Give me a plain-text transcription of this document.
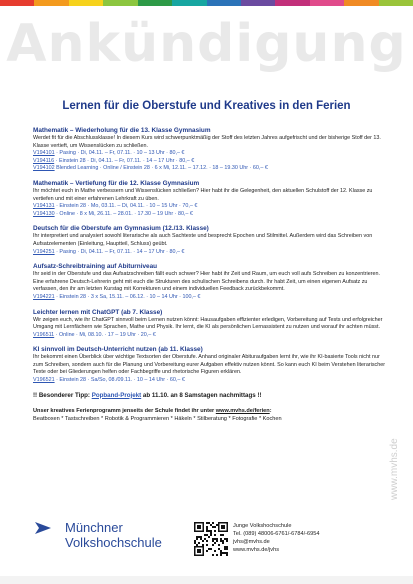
Ankündigung
Lernen für die Oberstufe und Kreatives in den Ferien
www.mvhs.de
Mathematik – Wiederholung für die 13. Klasse Gymnasium
Werdet fit für die Abschlussklasse! In diesem Kurs wird schwerpunktmäßig der Stoff des letzten Jahres aufgefrischt und der bisherige Stoff der 13. Klasse vertieft, um Wissenslücken zu schließen.
V194101 · Pasing · Di, 04.11. – Fr, 07.11. · 10 – 13 Uhr · 80,– €
V194116 · Einstein 28 · Di, 04.11. – Fr, 07.11. · 14 – 17 Uhr · 80,– €
V194102 Blended Learning · Online / Einstein 28 · 6 x Mi, 12.11. – 17.12. · 18 – 19.30 Uhr · 60,– €
Mathematik – Vertiefung für die 12. Klasse Gymnasium
Ihr möchtet euch in Mathe verbessern und Wissenslücken schließen? Hier habt ihr die Gelegenheit, den aktuellen Schulstoff der 12. Klasse zu vertiefen und mit einer erfahrenen Lehrkraft zu üben.
V194131 · Einstein 28 · Mo, 03.11. – Di, 04.11. · 10 – 15 Uhr · 70,– €
V194130 · Online · 8 x Mi, 26.11. – 28.01. · 17.30 – 19 Uhr · 80,– €
Deutsch für die Oberstufe am Gymnasium (12./13. Klasse)
Ihr interpretiert und analysiert sowohl literarische als auch Sachtexte und besprecht Epochen und Stilmittel. Außerdem wird das Schreiben von Aufsatzelementen (Einleitung, Hauptteil, Schluss) geübt.
V194251 · Pasing · Di, 04.11. – Fr, 07.11. · 14 – 17 Uhr · 80,– €
Aufsatz-Schreibtraining auf Abiturniveau
Ihr seid in der Oberstufe und das Aufsatzschreiben fällt euch schwer? Hier habt ihr Zeit und Raum, um euch voll aufs Schreiben zu konzentrieren. Eine erfahrene Deutsch-Lehrerin geht mit euch die Strukturen des schulischen Schreibens durch. Ihr habt Zeit, um einen eigenen Aufsatz zu verfassen, den ihr am letzten Kurstag mit Korrekturen und einem individuellen Feedback zurückbekommt.
V194221 · Einstein 28 · 3 x Sa, 15.11. – 06.12. · 10 – 14 Uhr · 100,– €
Leichter lernen mit ChatGPT (ab 7. Klasse)
Wir zeigen euch, wie ihr ChatGPT sinnvoll beim Lernen nutzen könnt: Hausaufgaben effizienter erledigen, Vorbereitung auf Tests und erfolgreicher Umgang mit Lernfächern wie Sprachen, Mathe und Physik. Ihr lernt, die KI als persönlichen Lernassistent zu nutzen und worauf ihr achten müsst.
V196511 · Online · Mi, 08.10. · 17 – 19 Uhr · 20,– €
KI sinnvoll im Deutsch-Unterricht nutzen (ab 11. Klasse)
Ihr bekommt einen Überblick über wichtige Textsorten der Oberstufe. Anhand originaler Abituraufgaben lernt ihr, wie ihr KI-basierte Tools nicht nur zum Schreiben, sondern auch für die Planung und Vorbereitung eurer Aufgaben effektiv nutzen könnt. So kann euch KI beim Verstehen literarischer Texte oder bei Gliederungen helfen oder Fachbegriffe und rhetorische Figuren erklären.
V196521 · Einstein 28 · Sa/So, 08./09.11. · 10 – 14 Uhr · 60,– €
!! Besonderer Tipp: Popband-Projekt ab 11.10. an 8 Samstagen nachmittags !!
Unser kreatives Ferienprogramm jenseits der Schule findet ihr unter www.mvhs.de/ferien:
Beatboxen * Tastschreiben * Robotik & Programmieren * Häkeln * Stilberatung * Fotografie * Kochen
Münchner
Volkshochschule
Junge Volkshochschule
Tel. (089) 48006-6761/-6784/-6954
jvhs@mvhs.de
www.mvhs.de/jvhs
